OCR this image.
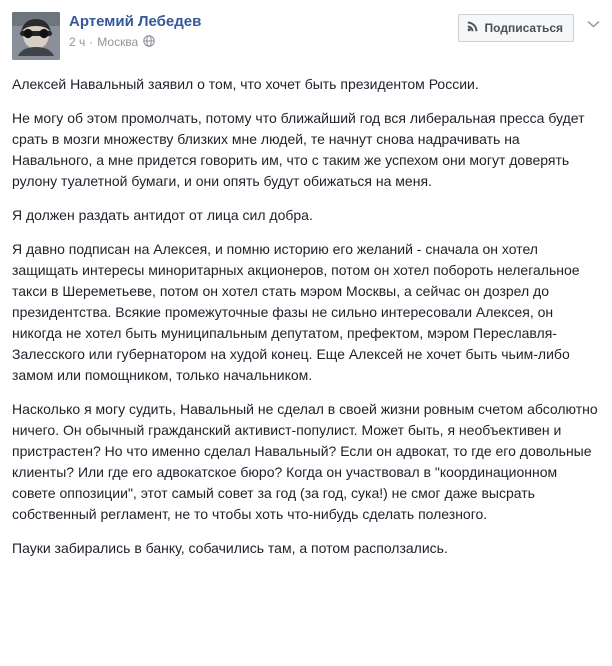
Артемий Лебедев
2 ч · Москва
Подписаться

Алексей Навальный заявил о том, что хочет быть президентом России.

Не могу об этом промолчать, потому что ближайший год вся либеральная пресса будет срать в мозги множеству близких мне людей, те начнут снова надрачивать на Навального, а мне придется говорить им, что с таким же успехом они могут доверять рулону туалетной бумаги, и они опять будут обижаться на меня.

Я должен раздать антидот от лица сил добра.

Я давно подписан на Алексея, и помню историю его желаний - сначала он хотел защищать интересы миноритарных акционеров, потом он хотел побороть нелегальное такси в Шереметьеве, потом он хотел стать мэром Москвы, а сейчас он дозрел до президентства. Всякие промежуточные фазы не сильно интересовали Алексея, он никогда не хотел быть муниципальным депутатом, префектом, мэром Переславля-Залесского или губернатором на худой конец. Еще Алексей не хочет быть чьим-либо замом или помощником, только начальником.

Насколько я могу судить, Навальный не сделал в своей жизни ровным счетом абсолютно ничего. Он обычный гражданский активист-популист. Может быть, я необъективен и пристрастен? Но что именно сделал Навальный? Если он адвокат, то где его довольные клиенты? Или где его адвокатское бюро? Когда он участвовал в "координационном совете оппозиции", этот самый совет за год (за год, сука!) не смог даже высрать собственный регламент, не то чтобы хоть что-нибудь сделать полезного.

Пауки забирались в банку, собачились там, а потом расползались.
